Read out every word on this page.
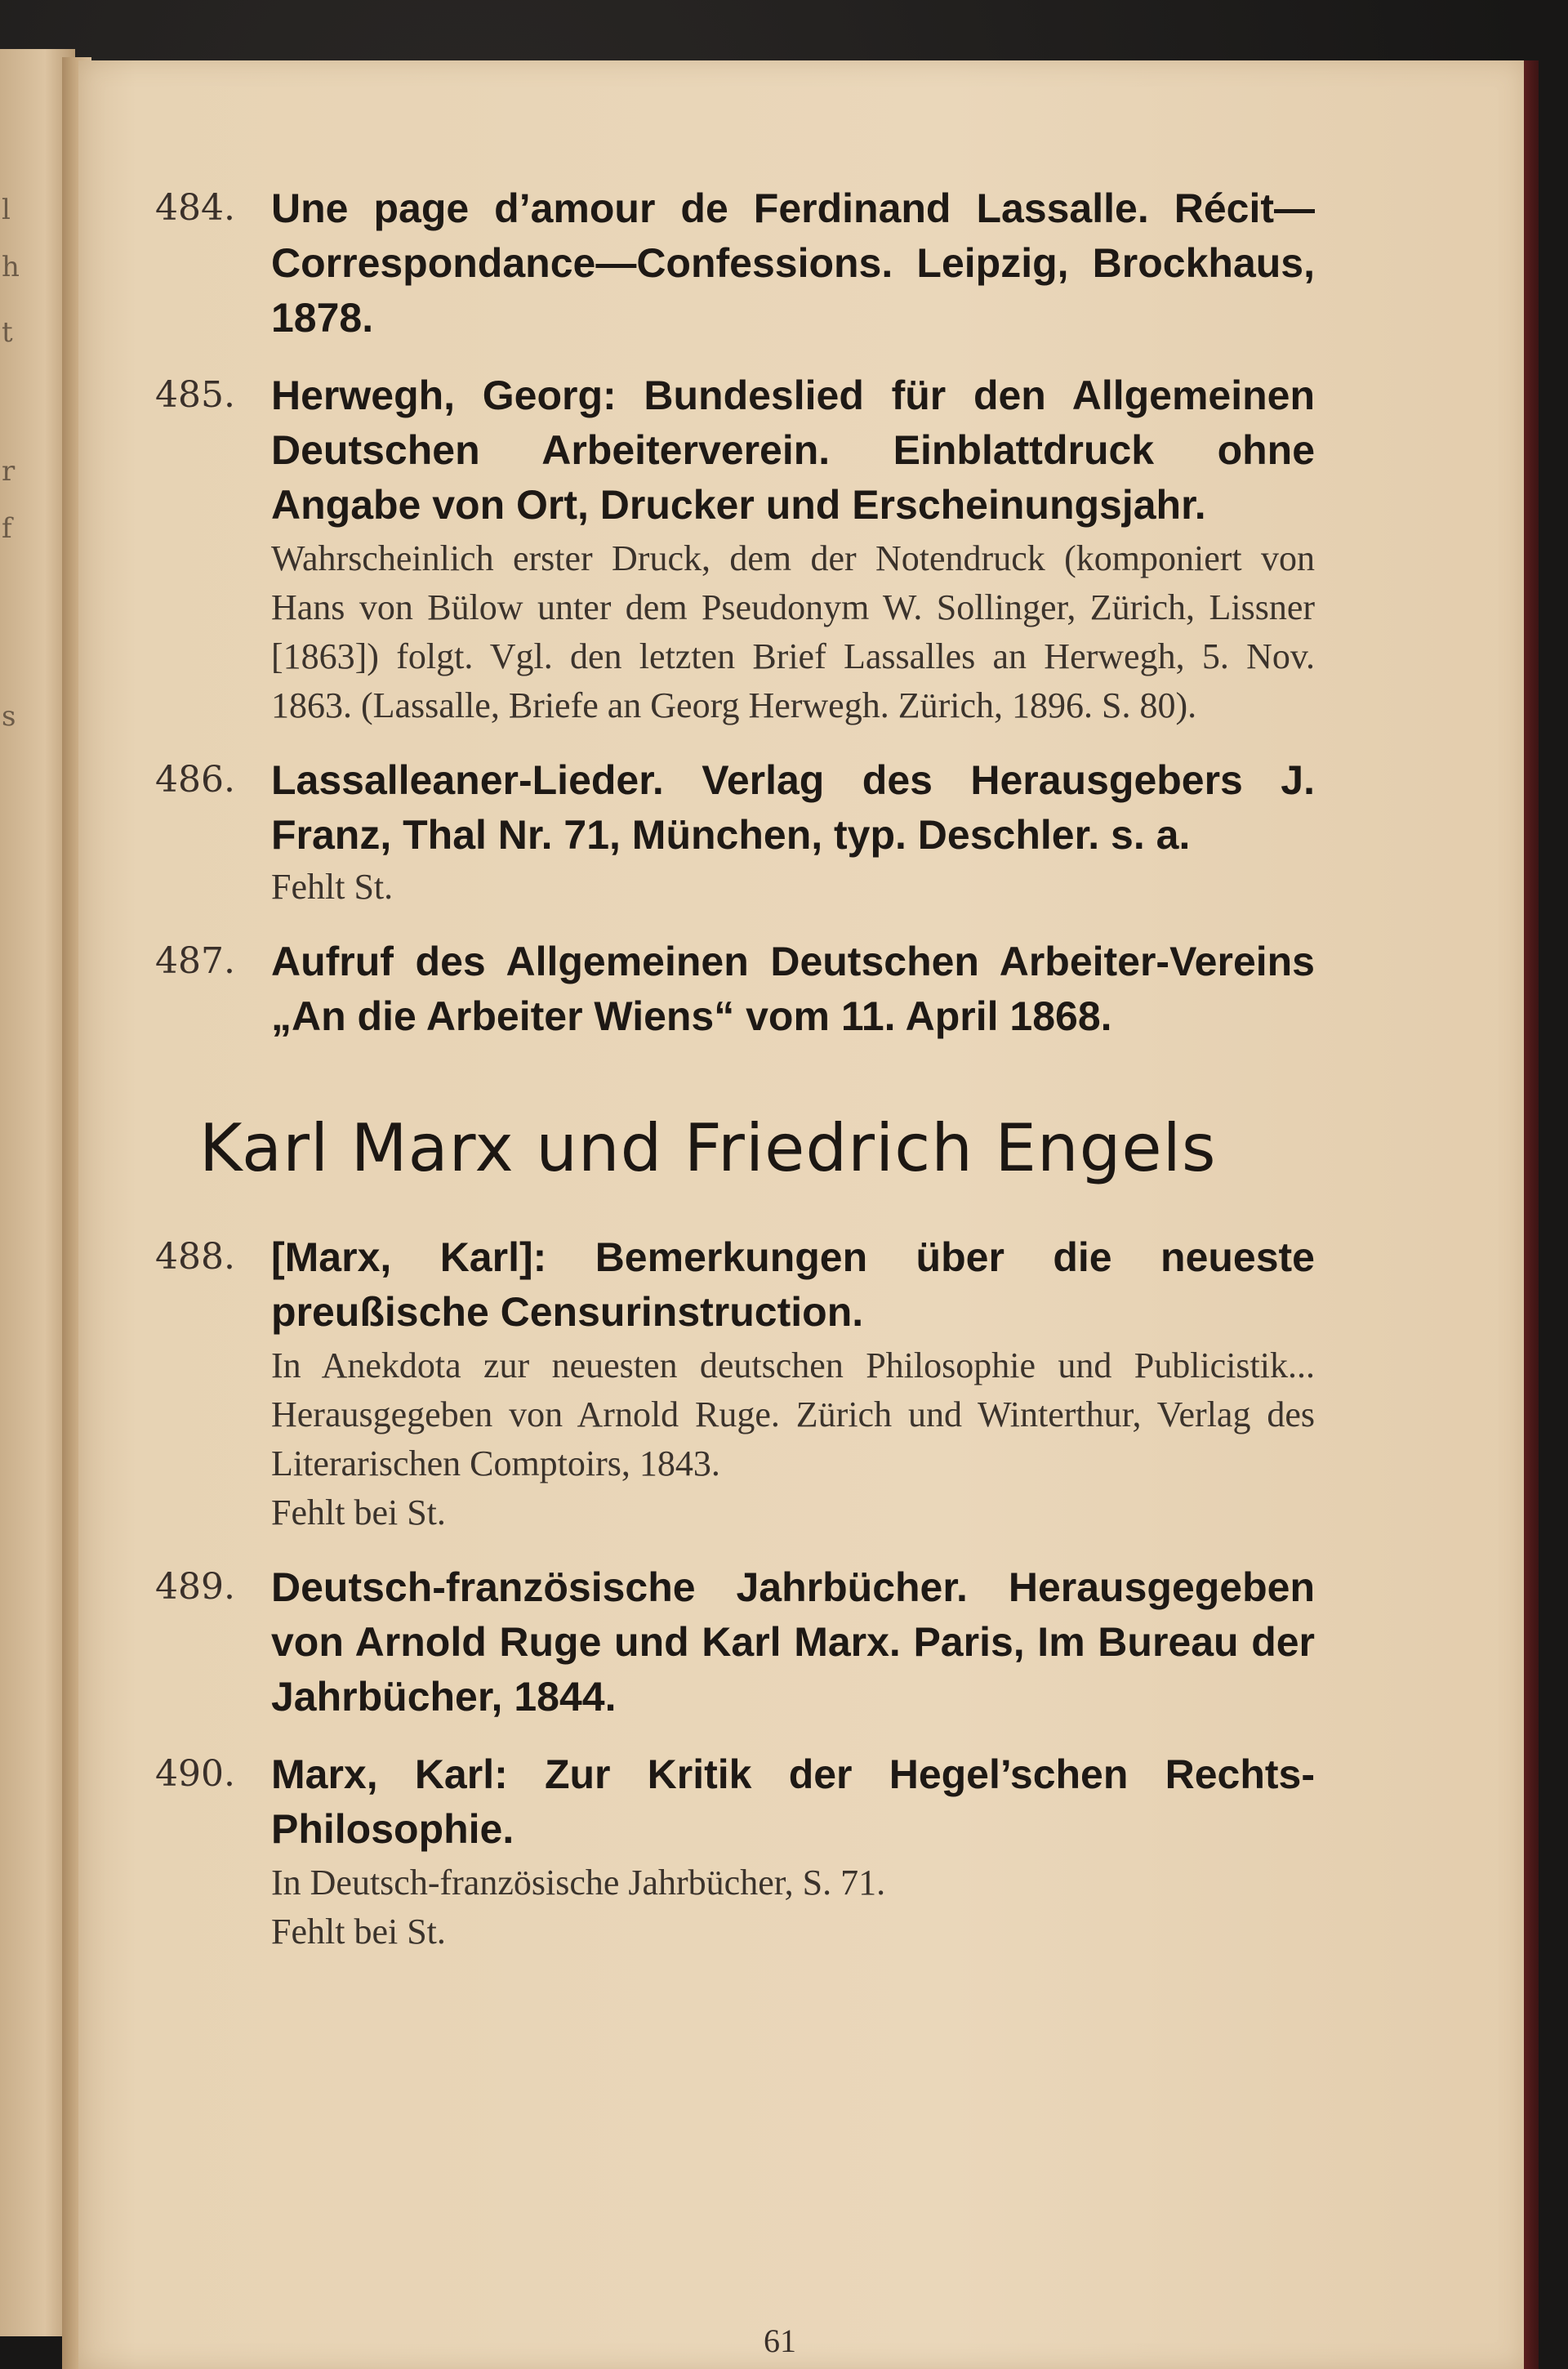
l
h
t
r
f
s
484. Une page d’amour de Ferdinand Lassalle. Récit—Correspondance—Confessions. Leipzig, Brockhaus, 1878.
485. Herwegh, Georg: Bundeslied für den Allgemeinen Deutschen Arbeiterverein. Einblattdruck ohne Angabe von Ort, Drucker und Erscheinungsjahr.
Wahrscheinlich erster Druck, dem der Notendruck (komponiert von Hans von Bülow unter dem Pseudonym W. Sollinger, Zürich, Lissner [1863]) folgt. Vgl. den letzten Brief Lassalles an Herwegh, 5. Nov. 1863. (Lassalle, Briefe an Georg Herwegh. Zürich, 1896. S. 80).
486. Lassalleaner-Lieder. Verlag des Herausgebers J. Franz, Thal Nr. 71, München, typ. Deschler. s. a.
Fehlt St.
487. Aufruf des Allgemeinen Deutschen Arbeiter-Vereins „An die Arbeiter Wiens“ vom 11. April 1868.
Karl Marx und Friedrich Engels
488. [Marx, Karl]: Bemerkungen über die neueste preußische Censurinstruction.
In Anekdota zur neuesten deutschen Philosophie und Publicistik... Herausgegeben von Arnold Ruge. Zürich und Winterthur, Verlag des Literarischen Comptoirs, 1843.
Fehlt bei St.
489. Deutsch-französische Jahrbücher. Herausgegeben von Arnold Ruge und Karl Marx. Paris, Im Bureau der Jahrbücher, 1844.
490. Marx, Karl: Zur Kritik der Hegel’schen Rechts-Philosophie.
In Deutsch-französische Jahrbücher, S. 71.
Fehlt bei St.
61
